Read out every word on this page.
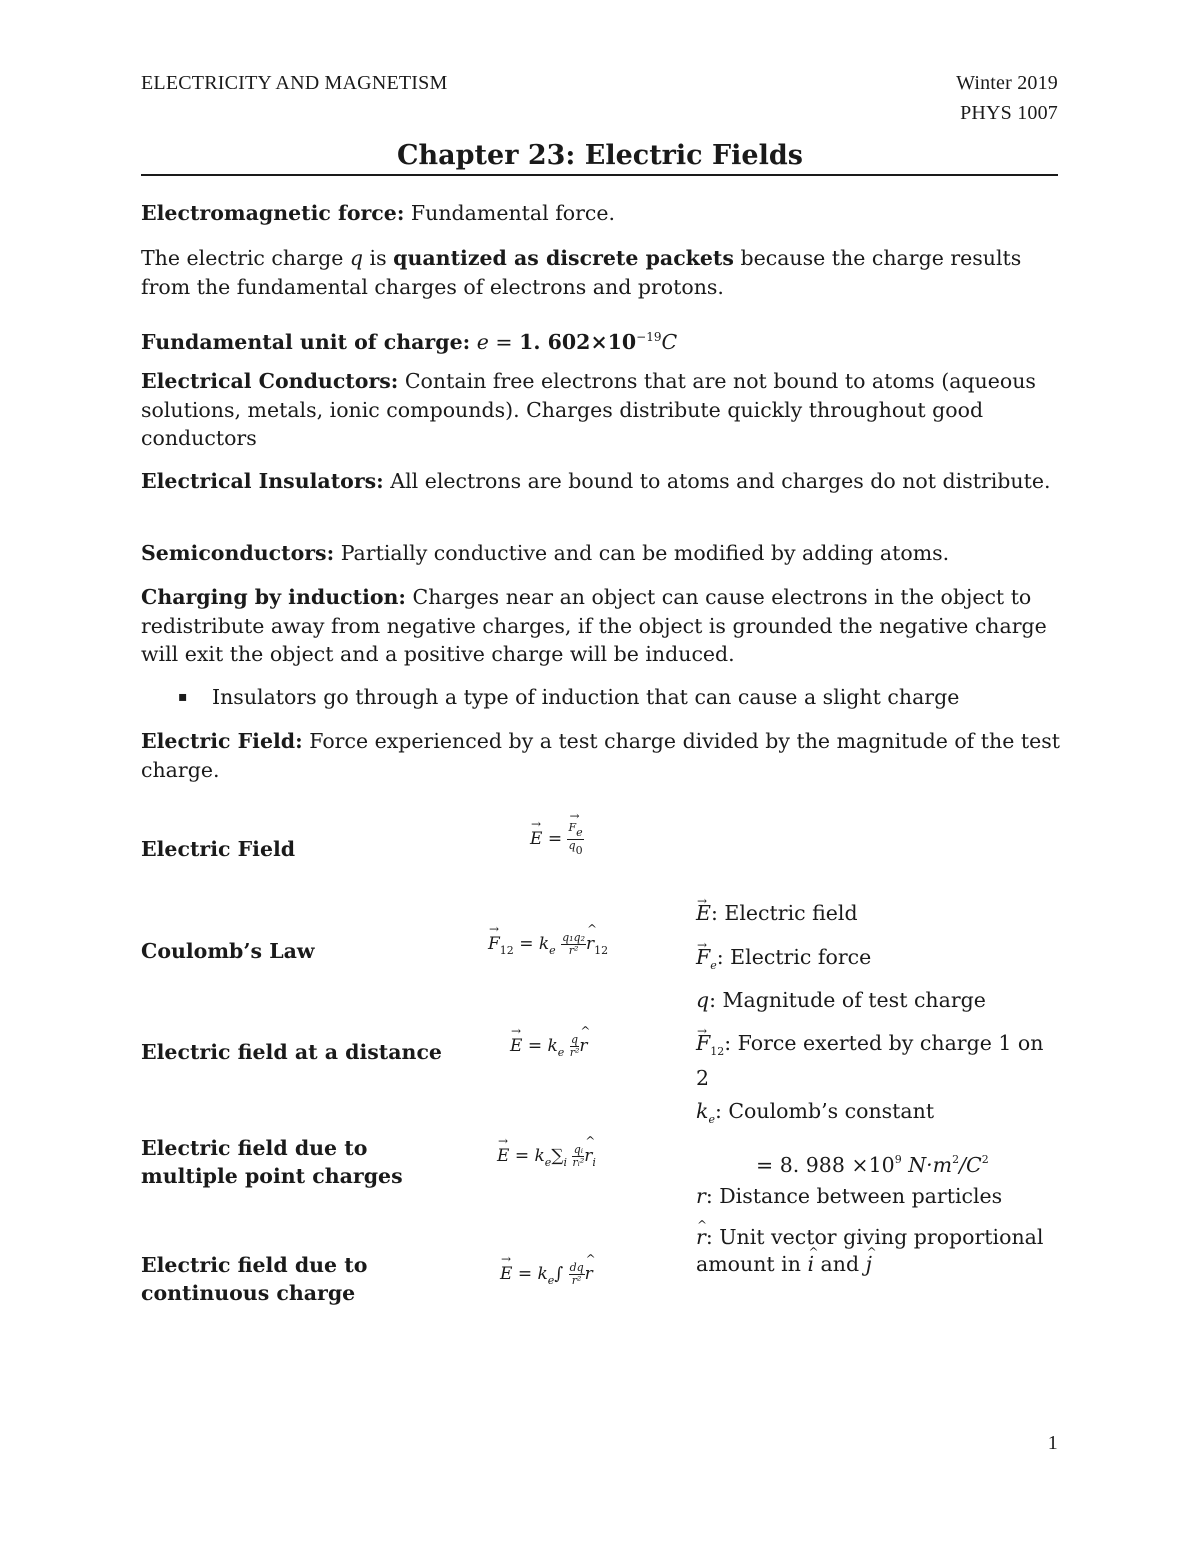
ELECTRICITY AND MAGNETISM	Winter 2019
PHYS 1007
Chapter 23: Electric Fields

Electromagnetic force: Fundamental force.

The electric charge q is quantized as discrete packets because the charge results from the fundamental charges of electrons and protons.

Fundamental unit of charge: e = 1. $602\times 10^{-19}C$

Electrical Conductors: Contain free electrons that are not bound to atoms (aqueous solutions, metals, ionic compounds). Charges distribute quickly throughout good conductors

Electrical Insulators: All electrons are bound to atoms and charges do not distribute.

Semiconductors: Partially conductive and can be modified by adding atoms.

Charging by induction: Charges near an object can cause electrons in the object to redistribute away from negative charges, if the object is grounded the negative charge will exit the object and a positive charge will be induced.

▪ Insulators go through a type of induction that can cause a slight charge

Electric Field: Force experienced by a test charge divided by the magnitude of the test charge.

Electric Field
Coulomb’s Law
Electric field at a distance
Electric field due to
multiple point charges
Electric field due to
continuous charge
→ E = → $\frac{Fe}{q0}$
→ $F_{12} = k_e \frac{\text{q₁q₂}}{\text{r²}}$ ^ $r_{12}$
→ $E = k_e \frac{q}{\text{r²}}$ ^ r
→ $E = k_e\sum_i \frac{\text{qᵢ}}{\text{rᵢ²}}$ ^ $r_i$
→ $E = k_e\int \frac{dq}{\text{r²}}$ ^ r
→ E: Electric field
→ $F_e$: Electric force
q: Magnitude of test charge
→ $F_{12}$: Force exerted by charge 1 on 2
$k_e$: Coulomb’s constant
= 8. $988 \times 10^9$ $N\cdot m^2/C^2$
r: Distance between particles
^ r: Unit vector giving proportional amount in ^ i and ^ j
1
